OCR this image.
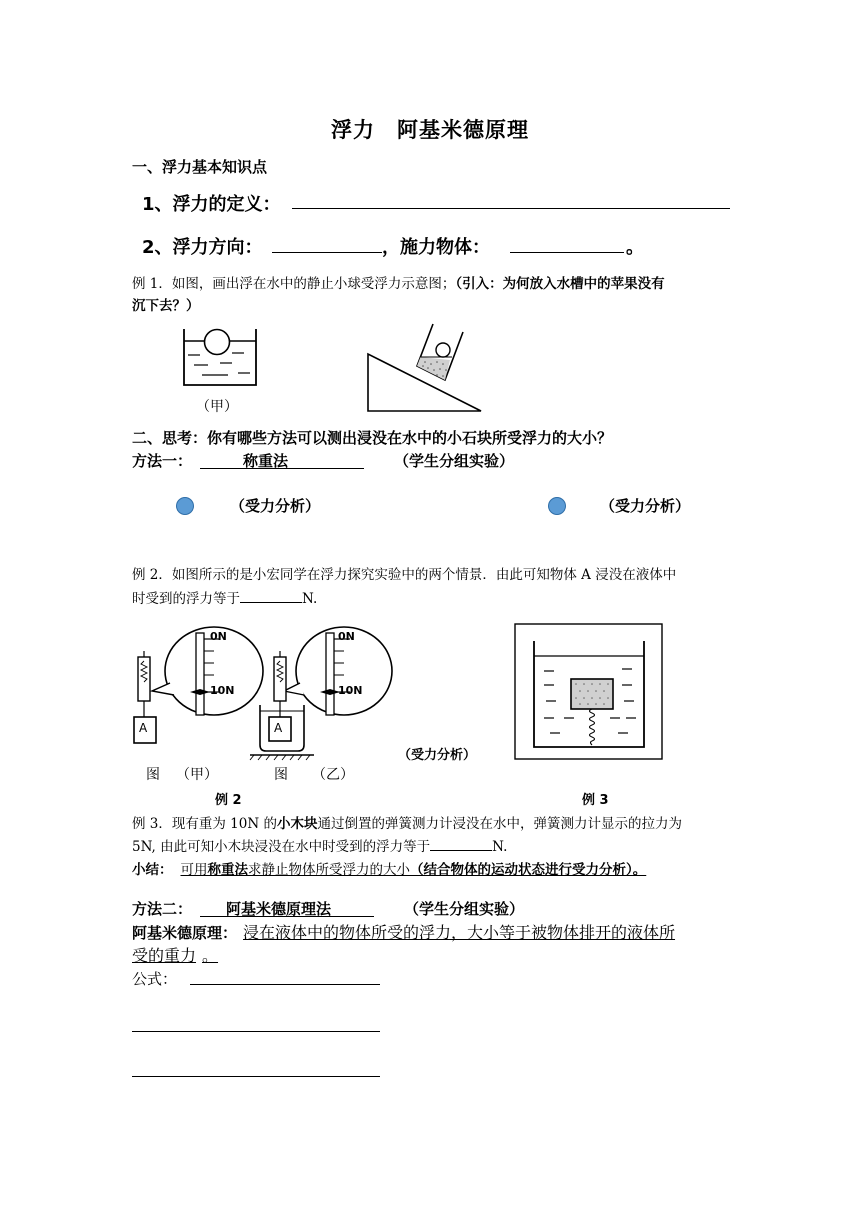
浮力　阿基米德原理
一、浮力基本知识点
1、浮力的定义：
2、浮力方向：	，施力物体：	。
例 1．如图，画出浮在水中的静止小球受浮力示意图；（引入：为何放入水槽中的苹果没有
沉下去？）
（甲）
二、思考：你有哪些方法可以测出浸没在水中的小石块所受浮力的大小？
方法一：	称重法	（学生分组实验）
（受力分析）	（受力分析）
例 2．如图所示的是小宏同学在浮力探究实验中的两个情景．由此可知物体 A 浸没在液体中
时受到的浮力等于	N.
0N
10N
A
0N
10N
A
图 （甲）	图 （乙）
（受力分析）
例 2	例 3
例 3．现有重为 10N 的小木块通过倒置的弹簧测力计浸没在水中，弹簧测力计显示的拉力为
5N, 由此可知小木块浸没在水中时受到的浮力等于	N.
小结： 可用称重法求静止物体所受浮力的大小（结合物体的运动状态进行受力分析）。
方法二： 阿基米德原理法	（学生分组实验）
阿基米德原理： 浸在液体中的物体所受的浮力，大小等于被物体排开的液体所
受的重力 。
公式：
